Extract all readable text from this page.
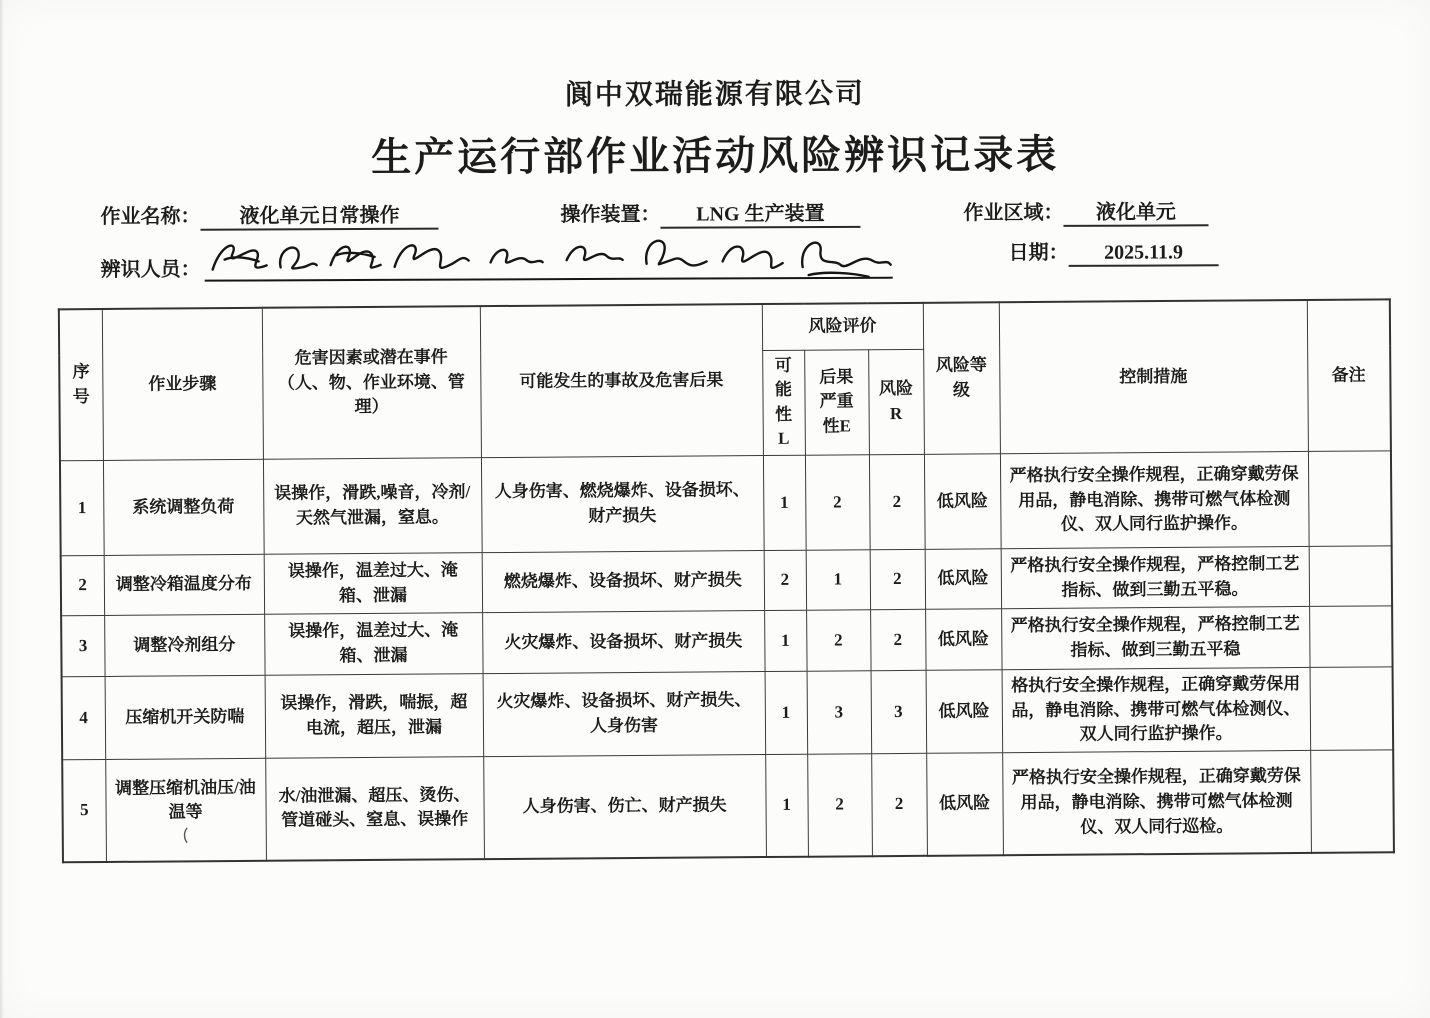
阆中双瑞能源有限公司
生产运行部作业活动风险辨识记录表
作业名称： 液化单元日常操作	操作装置： LNG 生产装置	作业区域： 液化单元
辨识人员：
日期： 2025.11.9
序号	作业步骤	危害因素或潜在事件（人、物、作业环境、管理）	可能发生的事故及危害后果	风险评价			风险等级	控制措施	备注
				可能性L	后果严重性E	风险R			
1	系统调整负荷	误操作，滑跌,噪音，冷剂/天然气泄漏，窒息。	人身伤害、燃烧爆炸、设备损坏、财产损失	1	2	2	低风险	严格执行安全操作规程，正确穿戴劳保用品，静电消除、携带可燃气体检测仪、双人同行监护操作。	
2	调整冷箱温度分布	误操作，温差过大、淹箱、泄漏	燃烧爆炸、设备损坏、财产损失	2	1	2	低风险	严格执行安全操作规程，严格控制工艺指标、做到三勤五平稳。	
3	调整冷剂组分	误操作，温差过大、淹箱、泄漏	火灾爆炸、设备损坏、财产损失	1	2	2	低风险	严格执行安全操作规程，严格控制工艺指标、做到三勤五平稳	
4	压缩机开关防喘	误操作，滑跌，喘振，超电流，超压，泄漏	火灾爆炸、设备损坏、财产损失、人身伤害	1	3	3	低风险	格执行安全操作规程，正确穿戴劳保用品，静电消除、携带可燃气体检测仪、双人同行监护操作。	
5	调整压缩机油压/油温等	水/油泄漏、超压、烫伤、管道碰头、窒息、误操作	人身伤害、伤亡、财产损失	1	2	2	低风险	严格执行安全操作规程，正确穿戴劳保用品，静电消除、携带可燃气体检测仪、双人同行巡检。	
